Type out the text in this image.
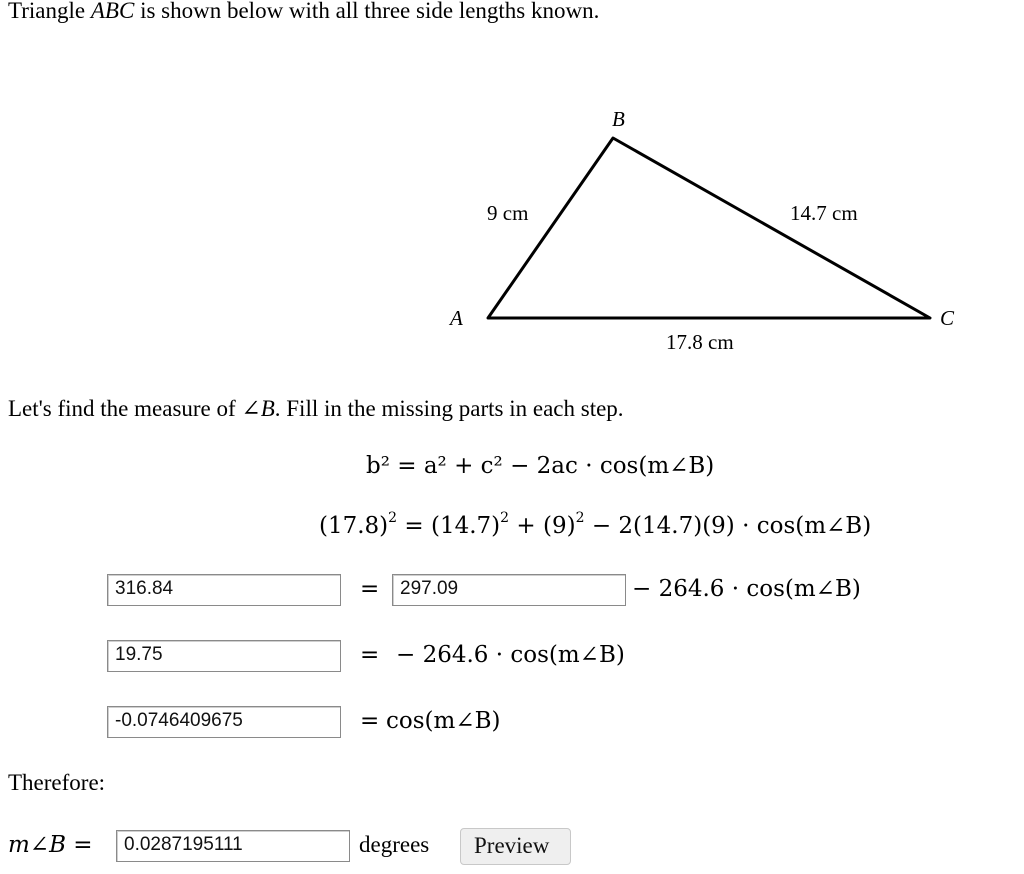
Triangle ABC is shown below with all three side lengths known.
B
A	C
9 cm	14.7 cm
17.8 cm
Let's find the measure of ∠B. Fill in the missing parts in each step.
b² = a² + c² − 2ac · cos(m∠B)
$(17.8)^2 = (14.7)^2 + (9)^2 - 2(14.7)(9)$ · cos(m∠B)
316.84	=	297.09	− 264.6 · cos(m∠B)
19.75	= − 264.6 · cos(m∠B)
-0.0746409675	= cos(m∠B)
Therefore:
m∠B =	0.0287195111	degrees	Preview
